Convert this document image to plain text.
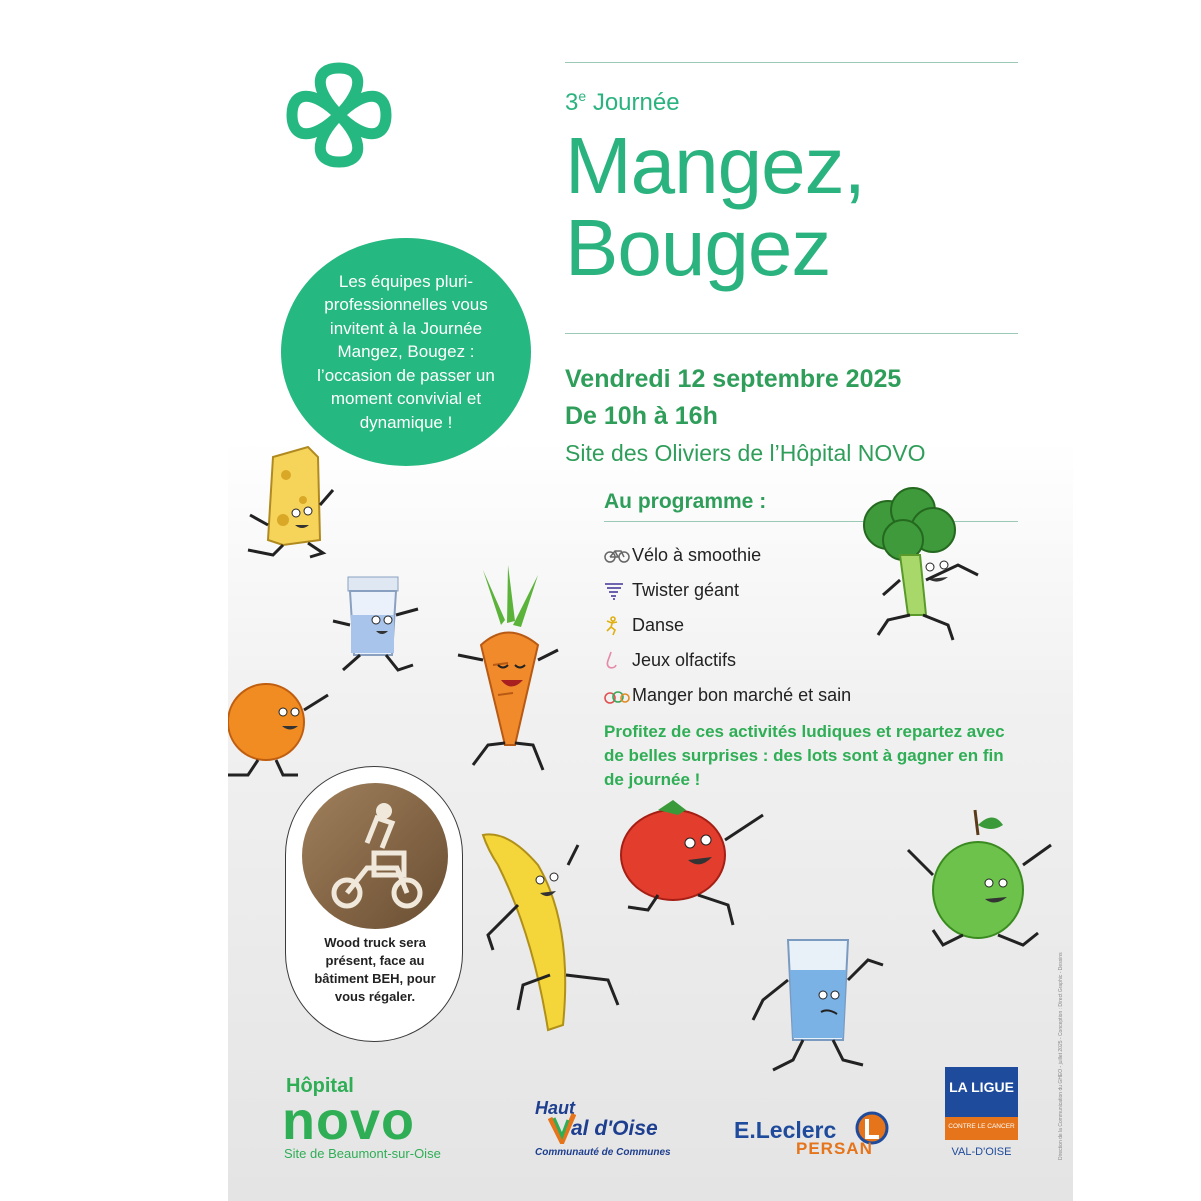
3e Journée
Mangez,
Bougez
Vendredi 12 septembre 2025
De 10h à 16h
Site des Oliviers de l’Hôpital NOVO
Les équipes pluri-professionnelles vous invitent à la Journée Mangez, Bougez : l’occasion de passer un moment convivial et dynamique !
Au programme :
Vélo à smoothie
Twister géant
Danse
Jeux olfactifs
Manger bon marché et sain
Profitez de ces activités ludiques et repartez avec de belles surprises : des lots sont à gagner en fin de journée !
Wood truck sera présent, face au bâtiment BEH, pour vous régaler.
Hôpital
novo
Site de Beaumont-sur-Oise
Haut
al d'Oise
Communauté de Communes
E.Leclerc
PERSAN
LA LIGUE
CONTRE LE CANCER
VAL-D'OISE	Direction de la Communication du GHEO - juillet 2025 - Conception : Direct Graphic - Dessins
